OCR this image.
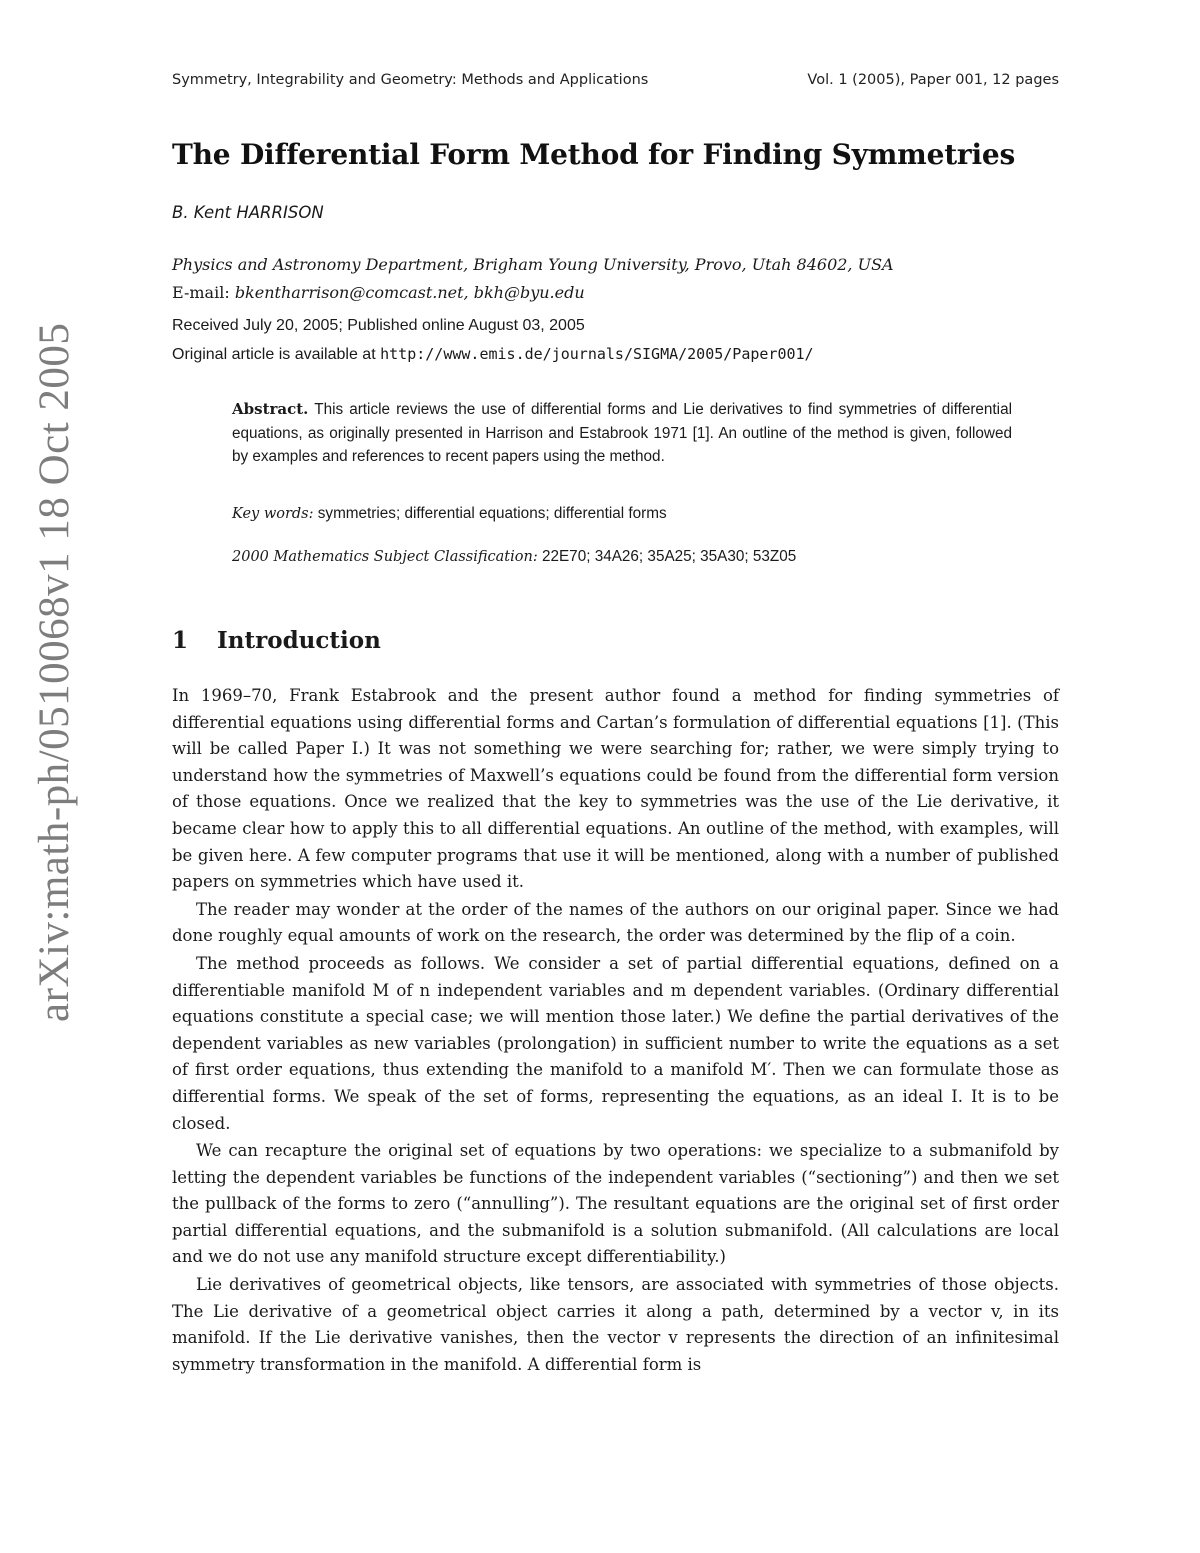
Symmetry, Integrability and Geometry: Methods and Applications	Vol. 1 (2005), Paper 001, 12 pages
arXiv:math-ph/0510068v1 18 Oct 2005
The Differential Form Method for Finding Symmetries
B. Kent HARRISON
Physics and Astronomy Department, Brigham Young University, Provo, Utah 84602, USA
E-mail: bkentharrison@comcast.net, bkh@byu.edu
Received July 20, 2005; Published online August 03, 2005
Original article is available at http://www.emis.de/journals/SIGMA/2005/Paper001/
Abstract. This article reviews the use of differential forms and Lie derivatives to find symmetries of differential equations, as originally presented in Harrison and Estabrook 1971 [1]. An outline of the method is given, followed by examples and references to recent papers using the method.
Key words: symmetries; differential equations; differential forms
2000 Mathematics Subject Classification: 22E70; 34A26; 35A25; 35A30; 53Z05
1 Introduction

In 1969–70, Frank Estabrook and the present author found a method for finding symmetries of differential equations using differential forms and Cartan’s formulation of differential equations [1]. (This will be called Paper I.) It was not something we were searching for; rather, we were simply trying to understand how the symmetries of Maxwell’s equations could be found from the differential form version of those equations. Once we realized that the key to symmetries was the use of the Lie derivative, it became clear how to apply this to all differential equations. An outline of the method, with examples, will be given here. A few computer programs that use it will be mentioned, along with a number of published papers on symmetries which have used it.

The reader may wonder at the order of the names of the authors on our original paper. Since we had done roughly equal amounts of work on the research, the order was determined by the flip of a coin.

The method proceeds as follows. We consider a set of partial differential equations, defined on a differentiable manifold M of n independent variables and m dependent variables. (Ordinary differential equations constitute a special case; we will mention those later.) We define the partial derivatives of the dependent variables as new variables (prolongation) in sufficient number to write the equations as a set of first order equations, thus extending the manifold to a manifold M′. Then we can formulate those as differential forms. We speak of the set of forms, representing the equations, as an ideal I. It is to be closed.

We can recapture the original set of equations by two operations: we specialize to a submanifold by letting the dependent variables be functions of the independent variables (“sectioning”) and then we set the pullback of the forms to zero (“annulling”). The resultant equations are the original set of first order partial differential equations, and the submanifold is a solution submanifold. (All calculations are local and we do not use any manifold structure except differentiability.)

Lie derivatives of geometrical objects, like tensors, are associated with symmetries of those objects. The Lie derivative of a geometrical object carries it along a path, determined by a vector v, in its manifold. If the Lie derivative vanishes, then the vector v represents the direction of an infinitesimal symmetry transformation in the manifold. A differential form is
